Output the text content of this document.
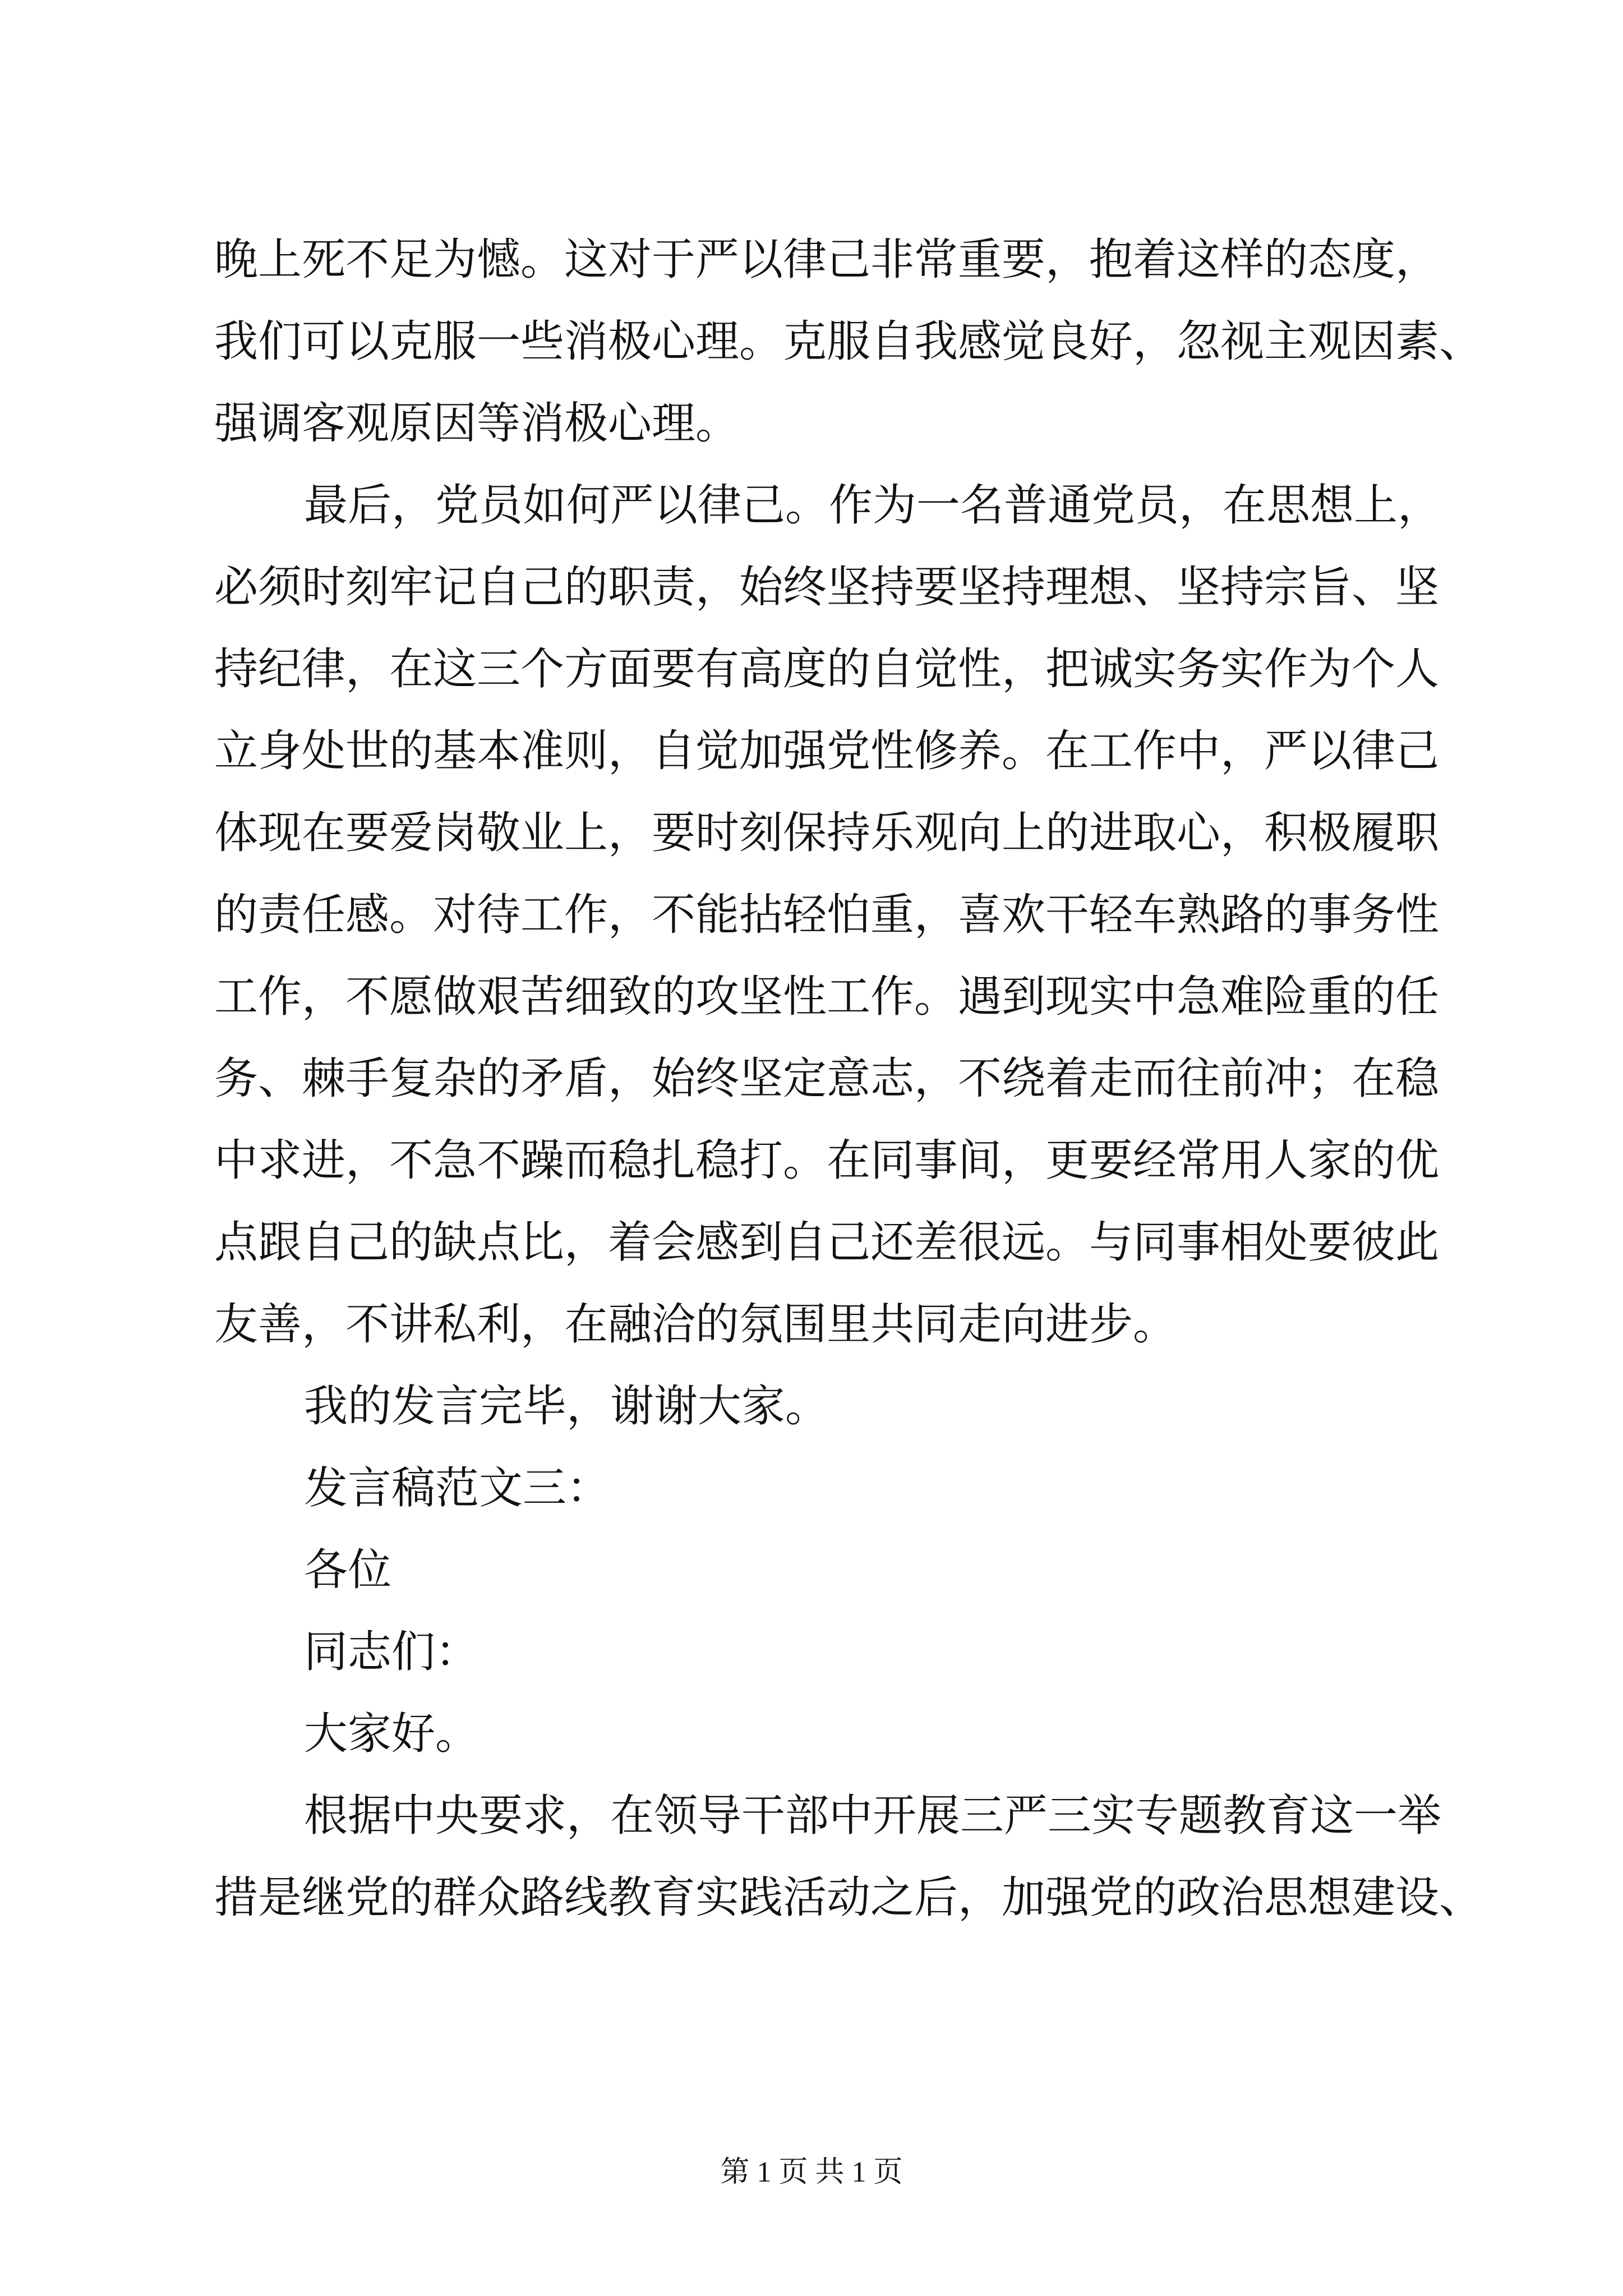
晚上死不足为憾。这对于严以律己非常重要，抱着这样的态度，
我们可以克服一些消极心理。克服自我感觉良好，忽视主观因素、
强调客观原因等消极心理。
最后，党员如何严以律己。作为一名普通党员，在思想上，
必须时刻牢记自己的职责，始终坚持要坚持理想、坚持宗旨、坚
持纪律，在这三个方面要有高度的自觉性，把诚实务实作为个人
立身处世的基本准则，自觉加强党性修养。在工作中，严以律己
体现在要爱岗敬业上，要时刻保持乐观向上的进取心，积极履职
的责任感。对待工作，不能拈轻怕重，喜欢干轻车熟路的事务性
工作，不愿做艰苦细致的攻坚性工作。遇到现实中急难险重的任
务、棘手复杂的矛盾，始终坚定意志，不绕着走而往前冲；在稳
中求进，不急不躁而稳扎稳打。在同事间，更要经常用人家的优
点跟自己的缺点比，着会感到自己还差很远。与同事相处要彼此
友善，不讲私利，在融洽的氛围里共同走向进步。
我的发言完毕，谢谢大家。
发言稿范文三：
各位
同志们：
大家好。
根据中央要求，在领导干部中开展三严三实专题教育这一举
措是继党的群众路线教育实践活动之后，加强党的政治思想建设、
第 1 页 共 1 页
